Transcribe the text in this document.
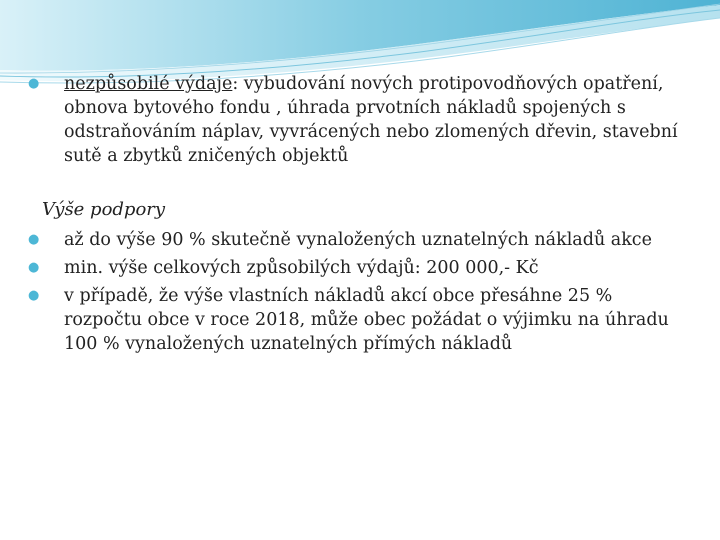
● nezpůsobilé výdaje: vybudování nových protipovodňových opatření, obnova bytového fondu , úhrada prvotních nákladů spojených s odstraňováním náplav, vyvrácených nebo zlomených dřevin, stavební sutě a zbytků zničených objektů

Výše podpory

● až do výše 90 % skutečně vynaložených uznatelných nákladů akce

● min. výše celkových způsobilých výdajů: 200 000,- Kč

● v případě, že výše vlastních nákladů akcí obce přesáhne 25 % rozpočtu obce v roce 2018, může obec požádat o výjimku na úhradu 100 % vynaložených uznatelných přímých nákladů
